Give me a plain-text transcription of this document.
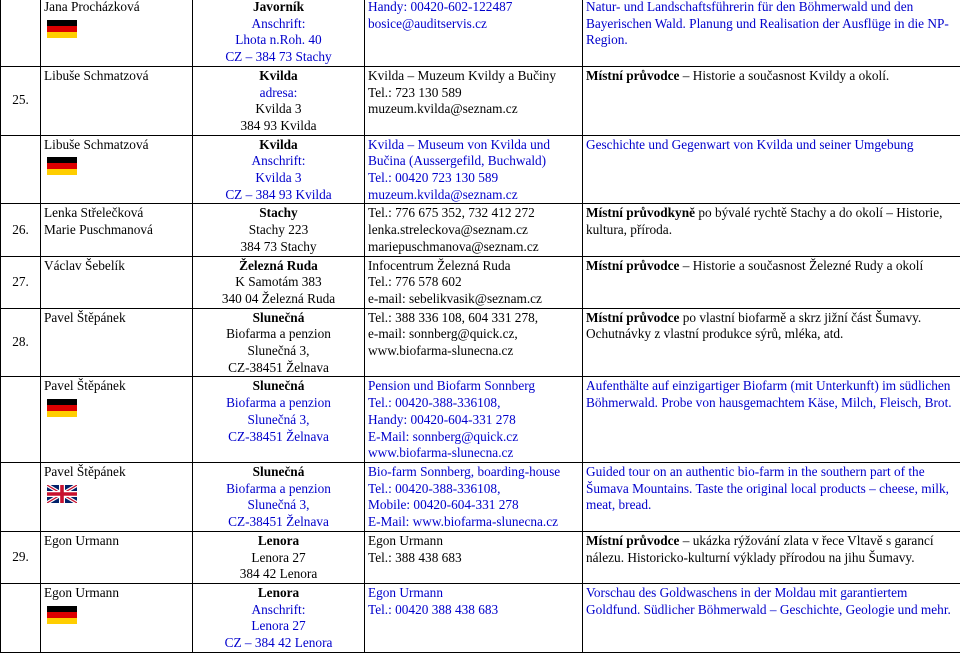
	Jana Procházková	Javorník
Anschrift:
Lhota n.Roh. 40
CZ – 384 73 Stachy	Handy: 00420-602-122487
bosice@auditservis.cz	Natur- und Landschaftsführerin für den Böhmerwald und den Bayerischen Wald. Planung und Realisation der Ausflüge in die NP-Region.
25.	Libuše Schmatzová	Kvilda
adresa:
Kvilda 3
384 93 Kvilda	Kvilda – Muzeum Kvildy a Bučiny
Tel.: 723 130 589
muzeum.kvilda@seznam.cz	Místní průvodce – Historie a současnost Kvildy a okolí.

	Libuše Schmatzová	Kvilda
Anschrift:
Kvilda 3
CZ – 384 93 Kvilda	Kvilda – Museum von Kvilda und Bučina (Aussergefild, Buchwald)
Tel.: 00420 723 130 589
muzeum.kvilda@seznam.cz	Geschichte und Gegenwart von Kvilda und seiner Umgebung
26.	Lenka Střelečková
Marie Puschmanová	Stachy
Stachy 223
384 73 Stachy	Tel.: 776 675 352, 732 412 272
lenka.streleckova@seznam.cz
mariepuschmanova@seznam.cz	Místní průvodkyně po bývalé rychtě Stachy a do okolí – Historie, kultura, příroda.
27.	Václav Šebelík	Železná Ruda
K Samotám 383
340 04 Železná Ruda	Infocentrum Železná Ruda
Tel.: 776 578 602
e-mail: sebelikvasik@seznam.cz	Místní průvodce – Historie a současnost Železné Rudy a okolí
28.	Pavel Štěpánek	Slunečná
Biofarma a penzion
Slunečná 3,
CZ-38451 Želnava	Tel.: 388 336 108, 604 331 278,
e-mail: sonnberg@quick.cz,
www.biofarma-slunecna.cz	Místní průvodce po vlastní biofarmě a skrz jižní část Šumavy. Ochutnávky z vlastní produkce sýrů, mléka, atd.

	Pavel Štěpánek	Slunečná
Biofarma a penzion
Slunečná 3,
CZ-38451 Želnava	Pension und Biofarm Sonnberg
Tel.: 00420-388-336108,
Handy: 00420-604-331 278
E-Mail: sonnberg@quick.cz
www.biofarma-slunecna.cz	Aufenthälte auf einzigartiger Biofarm (mit Unterkunft) im südlichen Böhmerwald. Probe von hausgemachtem Käse, Milch, Fleisch, Brot.

	Pavel Štěpánek	Slunečná
Biofarma a penzion
Slunečná 3,
CZ-38451 Želnava	Bio-farm Sonnberg, boarding-house
Tel.: 00420-388-336108,
Mobile: 00420-604-331 278
E-Mail: www.biofarma-slunecna.cz	Guided tour on an authentic bio-farm in the southern part of the Šumava Mountains. Taste the original local products – cheese, milk, meat, bread.
29.	Egon Urmann	Lenora
Lenora 27
384 42 Lenora	Egon Urmann
Tel.: 388 438 683	Místní průvodce – ukázka rýžování zlata v řece Vltavě s garancí nálezu. Historicko-kulturní výklady přírodou na jihu Šumavy.

	Egon Urmann	Lenora
Anschrift:
Lenora 27
CZ – 384 42 Lenora	Egon Urmann
Tel.: 00420 388 438 683	Vorschau des Goldwaschens in der Moldau mit garantiertem Goldfund. Südlicher Böhmerwald – Geschichte, Geologie und mehr.
